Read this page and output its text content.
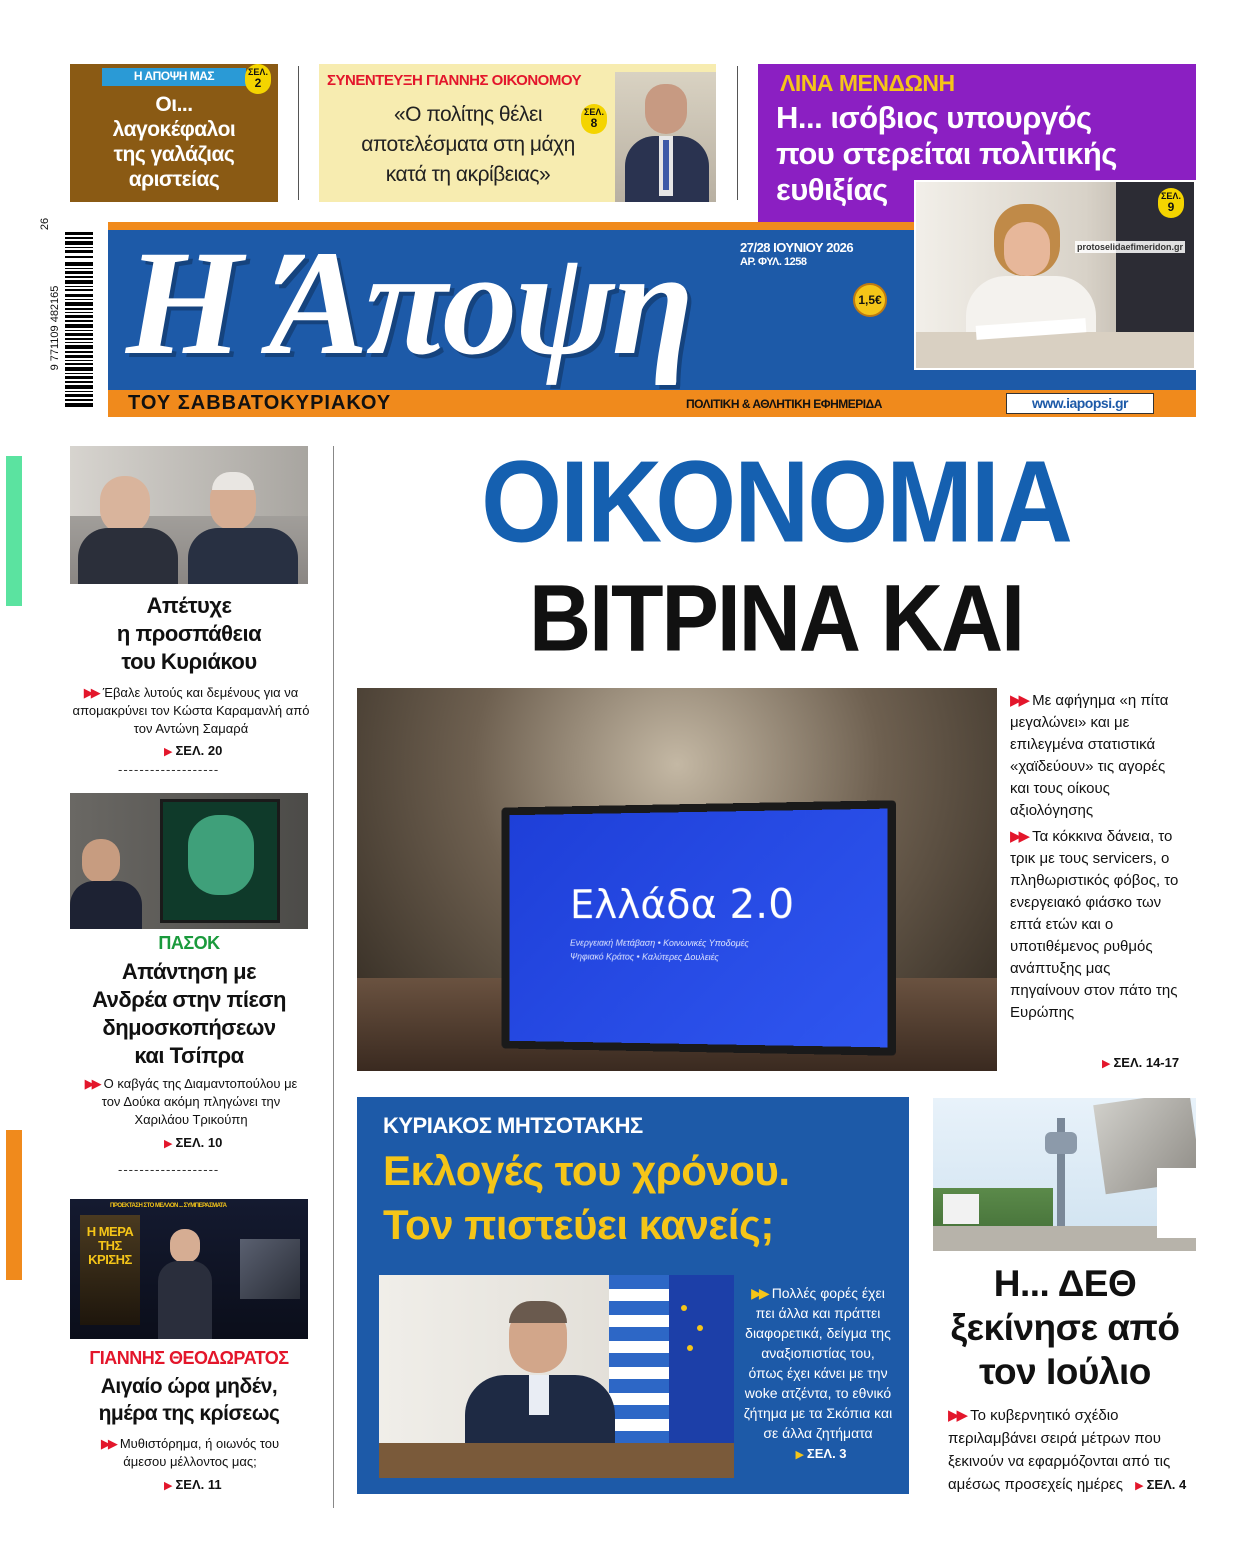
Η ΑΠΟΨΗ ΜΑΣ	ΣΕΛ.
2
Οι...
λαγοκέφαλοι
της γαλάζιας
αριστείας
ΣΥΝΕΝΤΕΥΞΗ ΓΙΑΝΝΗΣ ΟΙΚΟΝΟΜΟΥ
«Ο πολίτης θέλει
αποτελέσματα στη μάχη
κατά τη ακρίβειας»
ΣΕΛ.
8
ΛΙΝΑ ΜΕΝΔΩΝΗ
Η... ισόβιος υπουργός
που στερείται πολιτικής
ευθιξίας
Η Άποψη	27/28 ΙΟΥΝΙΟΥ 2026
ΑΡ. ΦΥΛ. 1258
1,5€
ΣΕΛ.
9
protoselidaefimeridon.gr
ΤΟΥ ΣΑΒΒΑΤΟΚΥΡΙΑΚΟΥ	ΠΟΛΙΤΙΚΗ & ΑΘΛΗΤΙΚΗ ΕΦΗΜΕΡΙΔΑ	www.iapopsi.gr
26
9 771109 482165
Απέτυχε
η προσπάθεια
του Κυριάκου
▶▶ Έβαλε λυτούς και δεμένους για να απομακρύνει τον Κώστα Καραμανλή από τον Αντώνη Σαμαρά
▶ ΣΕΛ. 20
-------------------
ΠΑΣΟΚ
Απάντηση με
Ανδρέα στην πίεση
δημοσκοπήσεων
και Τσίπρα
▶▶ Ο καβγάς της Διαμαντοπούλου με τον Δούκα ακόμη πληγώνει την Χαριλάου Τρικούπη
▶ ΣΕΛ. 10
-------------------
ΠΡΟΕΚΤΑΣΗ ΣΤΟ ΜΕΛΛΟΝ ... ΣΥΜΠΕΡΑΣΜΑΤΑ
Η ΜΕΡΑ ΤΗΣ ΚΡΙΣΗΣ
ΓΙΑΝΝΗΣ ΘΕΟΔΩΡΑΤΟΣ
Αιγαίο ώρα μηδέν,
ημέρα της κρίσεως
▶▶ Μυθιστόρημα, ή οιωνός του άμεσου μέλλοντος μας;
▶ ΣΕΛ. 11
ΟΙΚΟΝΟΜΙΑ
ΒΙΤΡΙΝΑ ΚΑΙ
Ελλάδα 2.0
Ενεργειακή Μετάβαση • Κοινωνικές Υποδομές
Ψηφιακό Κράτος • Καλύτερες Δουλειές
▶▶ Με αφήγημα «η πίτα μεγαλώνει» και με επιλεγμένα στατιστικά «χαϊδεύουν» τις αγορές και τους οίκους αξιολόγησης
▶▶ Τα κόκκινα δάνεια, το τρικ με τους servicers, ο πληθωριστικός φόβος, το ενεργειακό φιάσκο των επτά ετών και ο υποτιθέμενος ρυθμός ανάπτυξης μας πηγαίνουν στον πάτο της Ευρώπης
▶ ΣΕΛ. 14-17
ΚΥΡΙΑΚΟΣ ΜΗΤΣΟΤΑΚΗΣ
Εκλογές του χρόνου.
Τον πιστεύει κανείς;
▶▶ Πολλές φορές έχει πει άλλα και πράττει διαφορετικά, δείγμα της αναξιοπιστίας του, όπως έχει κάνει με την woke ατζέντα, το εθνικό ζήτημα με τα Σκόπια και σε άλλα ζητήματα ▶ ΣΕΛ. 3
Η... ΔΕΘ
ξεκίνησε από
τον Ιούλιο
▶▶ Το κυβερνητικό σχέδιο περιλαμβάνει σειρά μέτρων που ξεκινούν να εφαρμόζονται από τις αμέσως προσεχείς ημέρες ▶ ΣΕΛ. 4
